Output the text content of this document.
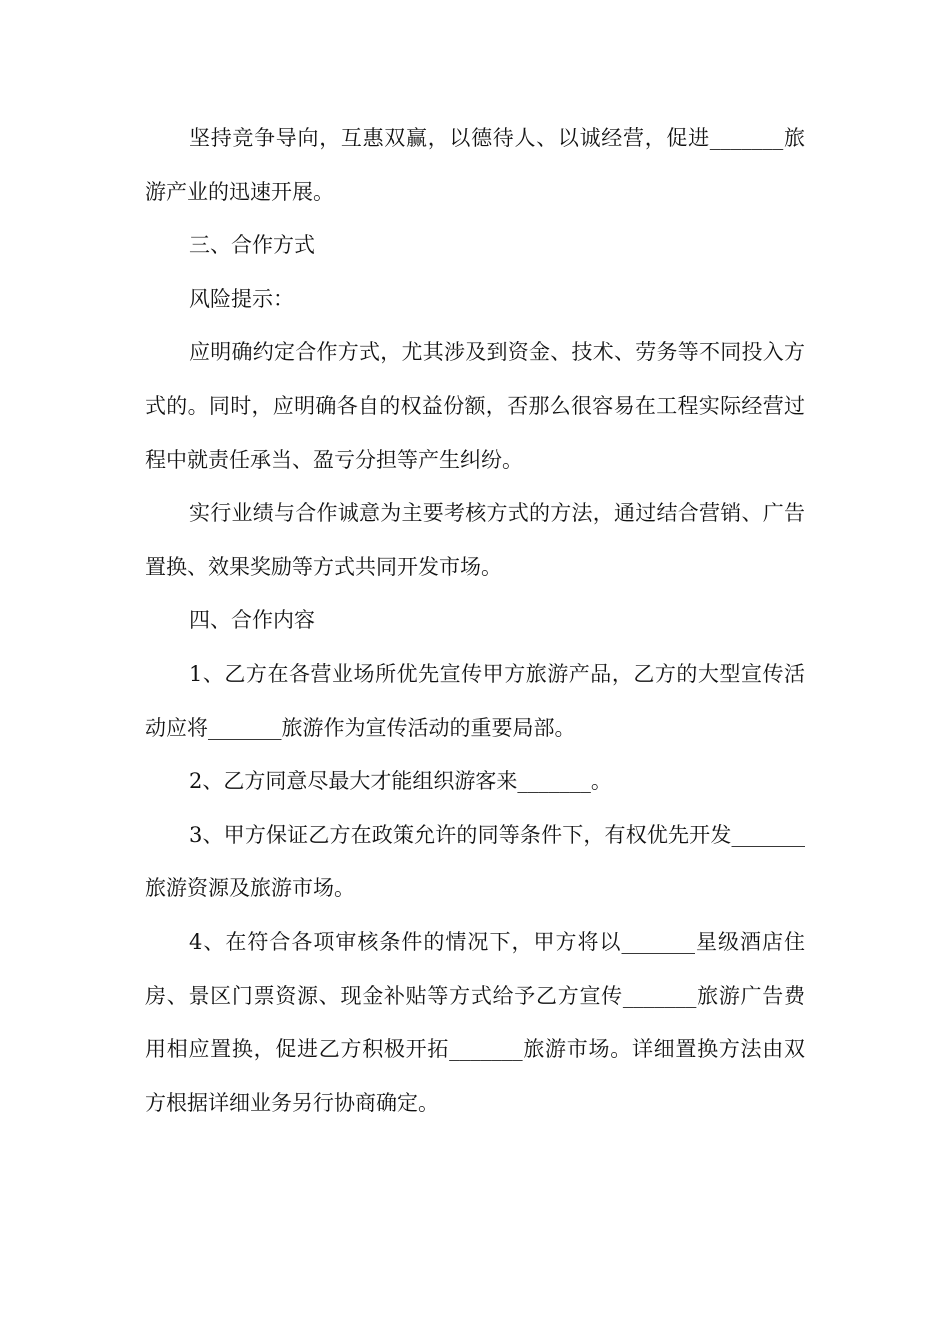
坚持竞争导向，互惠双赢，以德待人、以诚经营，促进_______旅游产业的迅速开展。

三、合作方式

风险提示：

应明确约定合作方式，尤其涉及到资金、技术、劳务等不同投入方式的。同时，应明确各自的权益份额，否那么很容易在工程实际经营过程中就责任承当、盈亏分担等产生纠纷。

实行业绩与合作诚意为主要考核方式的方法，通过结合营销、广告置换、效果奖励等方式共同开发市场。

四、合作内容

1、乙方在各营业场所优先宣传甲方旅游产品，乙方的大型宣传活动应将_______旅游作为宣传活动的重要局部。

2、乙方同意尽最大才能组织游客来_______。

3、甲方保证乙方在政策允许的同等条件下，有权优先开发_______旅游资源及旅游市场。

4、在符合各项审核条件的情况下，甲方将以_______星级酒店住房、景区门票资源、现金补贴等方式给予乙方宣传_______旅游广告费用相应置换，促进乙方积极开拓_______旅游市场。详细置换方法由双方根据详细业务另行协商确定。
